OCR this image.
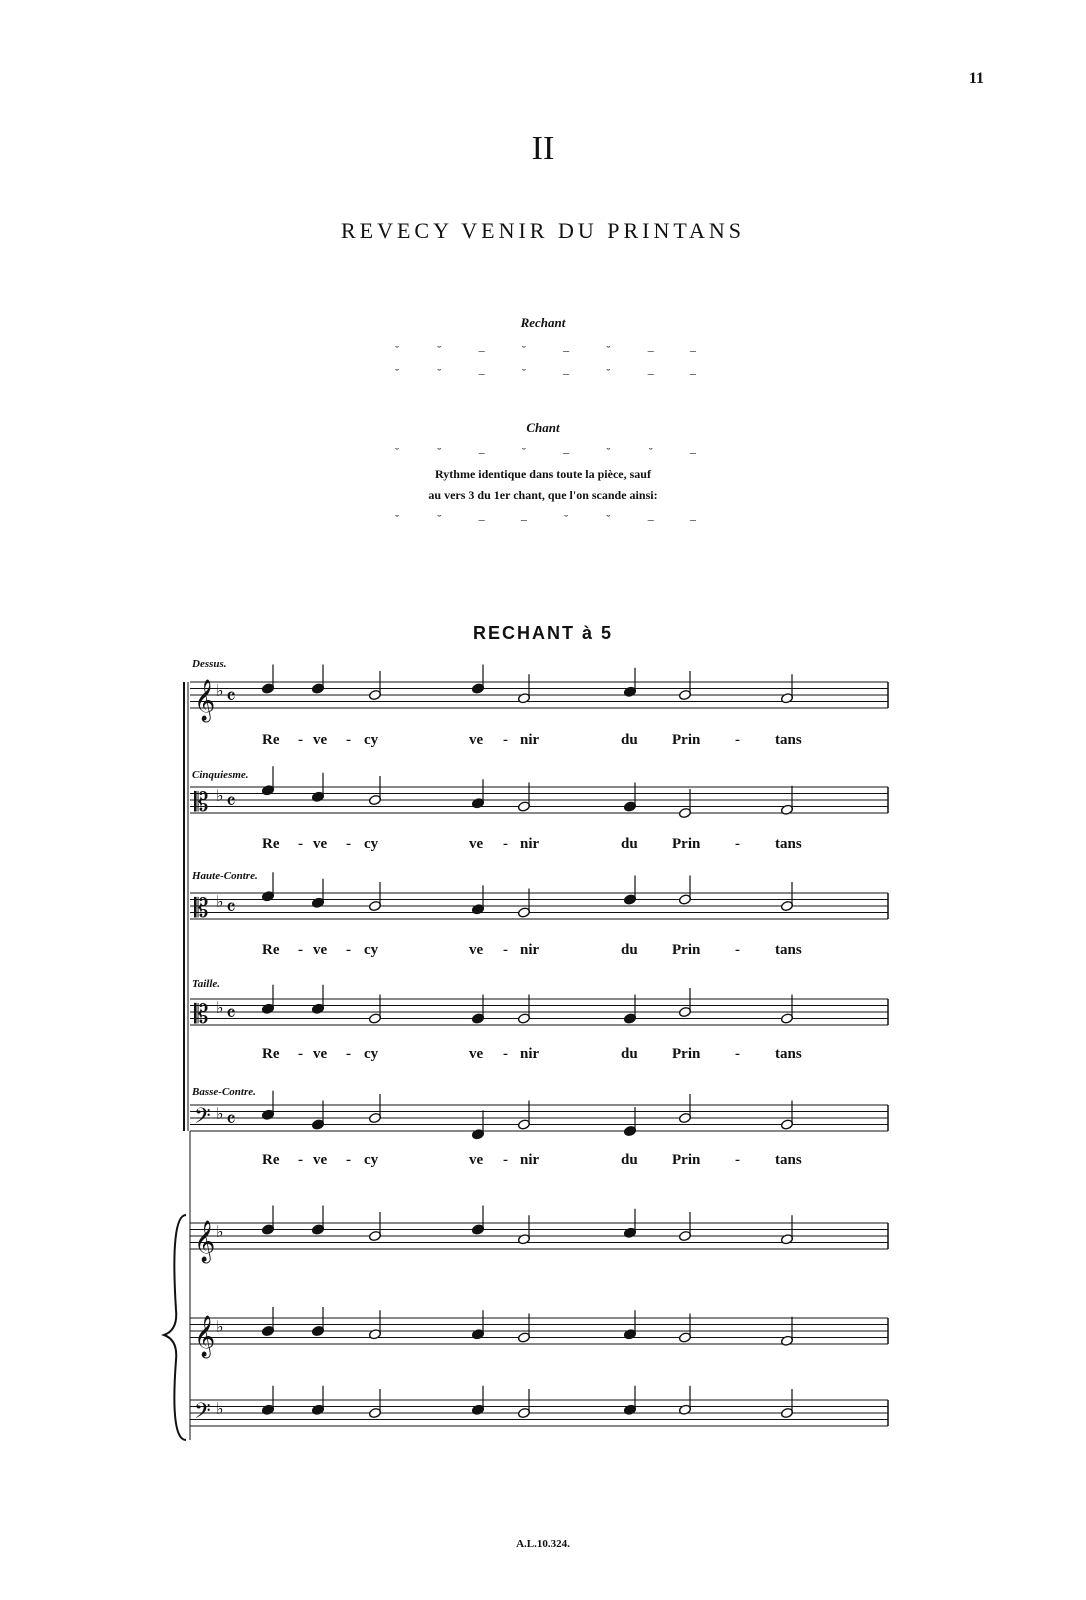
11
II
REVECY VENIR DU PRINTANS
Rechant
˘	˘	–	˘	–	˘	–	–
˘	˘	–	˘	–	˘	–	–
Chant
˘	˘	–	˘	–	˘	˘	–
Rythme identique dans toute la pièce, sauf
au vers 3 du 1er chant, que l'on scande ainsi:
˘	˘	–	–	˘	˘	–	–
RECHANT à 5
𝄞 ♭ 𝄴
𝄡 ♭ 𝄴
𝄡 ♭ 𝄴
𝄡 ♭ 𝄴
𝄢 ♭ 𝄴
𝄞 ♭
𝄞 ♭
𝄢 ♭
Dessus.
Cinquiesme.
Haute-Contre.
Taille.
Basse-Contre.
Re - ve - cy	ve - nir	du Prin - tans
Re - ve - cy	ve - nir	du Prin - tans
Re - ve - cy	ve - nir	du Prin - tans
Re - ve - cy	ve - nir	du Prin - tans
Re - ve - cy	ve - nir	du Prin - tans
A.L.10.324.
